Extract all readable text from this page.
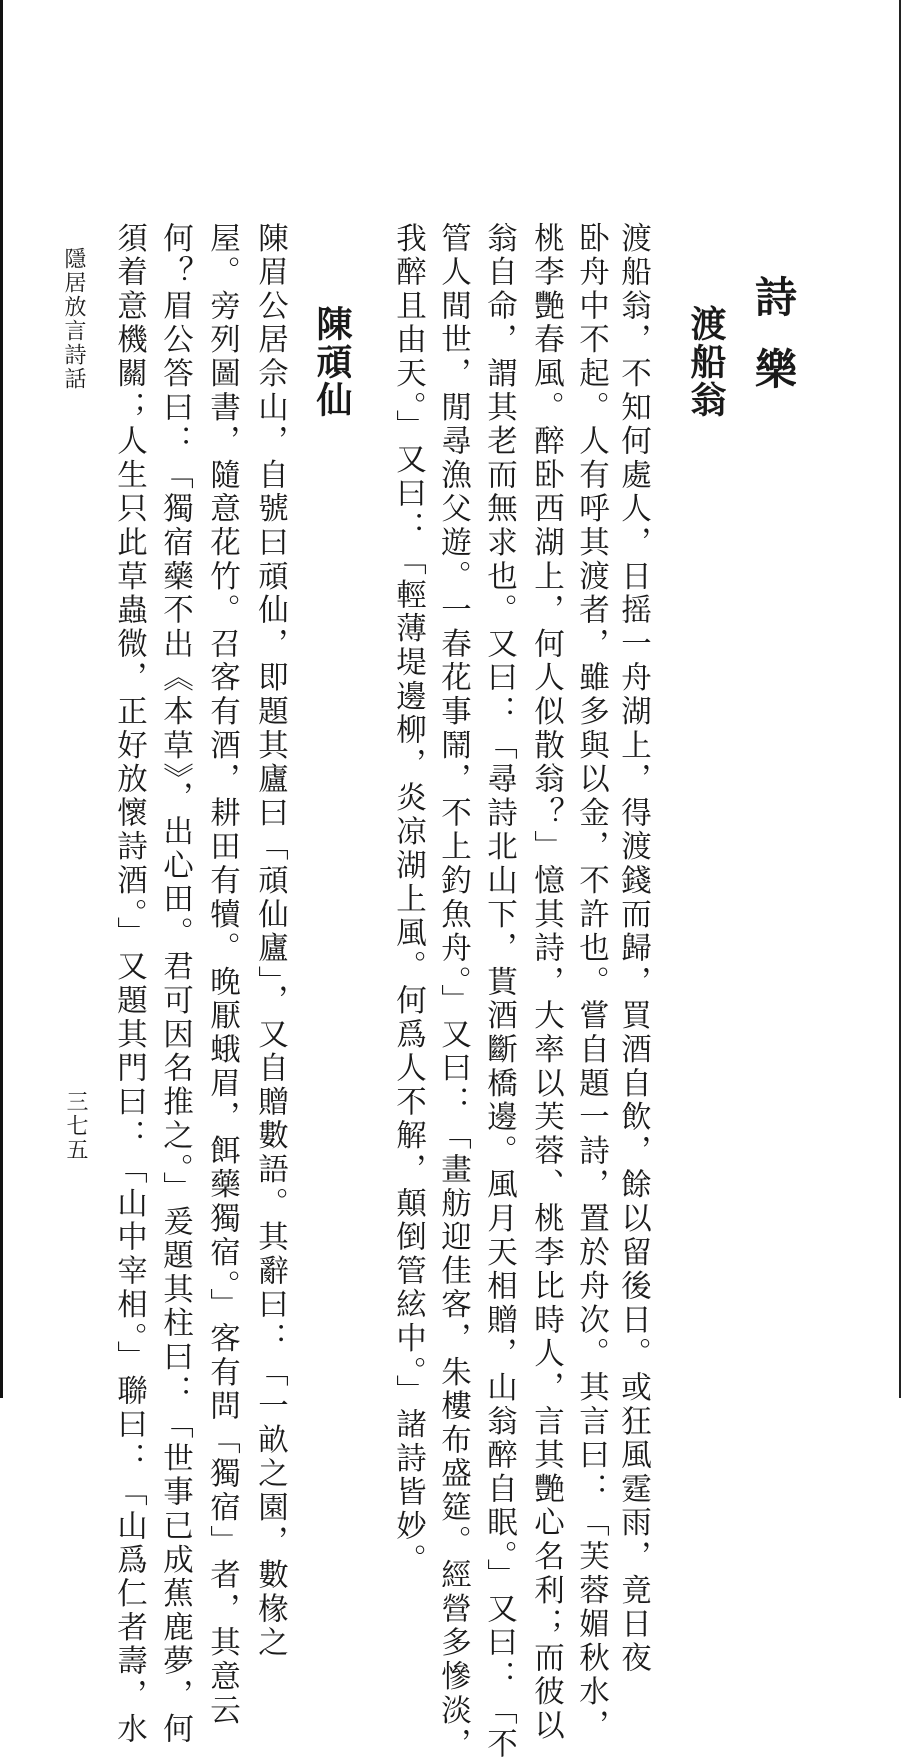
詩樂
渡船翁
渡船翁，不知何處人，日摇一舟湖上，得渡錢而歸，買酒自飲，餘以留後日。或狂風霆雨，竟日夜
卧舟中不起。人有呼其渡者，雖多與以金，不許也。嘗自題一詩，置於舟次。其言曰：「芙蓉媚秋水，
桃李艷春風。醉卧西湖上，何人似散翁？」憶其詩，大率以芙蓉、桃李比時人，言其艷心名利；而彼以
翁自命，謂其老而無求也。又曰：「尋詩北山下，貰酒斷橋邊。風月天相贈，山翁醉自眠。」又曰：「不
管人間世，閒尋漁父遊。一春花事鬧，不上釣魚舟。」又曰：「畫舫迎佳客，朱樓布盛筵。經營多慘淡，
我醉且由天。」又曰：「輕薄堤邊柳，炎凉湖上風。何爲人不解，顛倒管絃中。」諸詩皆妙。
陳頑仙
陳眉公居佘山，自號曰頑仙，即題其廬曰「頑仙廬」，又自贈數語。其辭曰：「一畝之園，數椽之
屋。旁列圖書，隨意花竹。召客有酒，耕田有犢。晚厭蛾眉，餌藥獨宿。」客有問「獨宿」者，其意云
何？眉公答曰：「獨宿藥不出《本草》，出心田。君可因名推之。」爰題其柱曰：「世事已成蕉鹿夢，何
須着意機關；人生只此草蟲微，正好放懷詩酒。」又題其門曰：「山中宰相。」聯曰：「山爲仁者壽，水
隱居放言詩話
三七五
